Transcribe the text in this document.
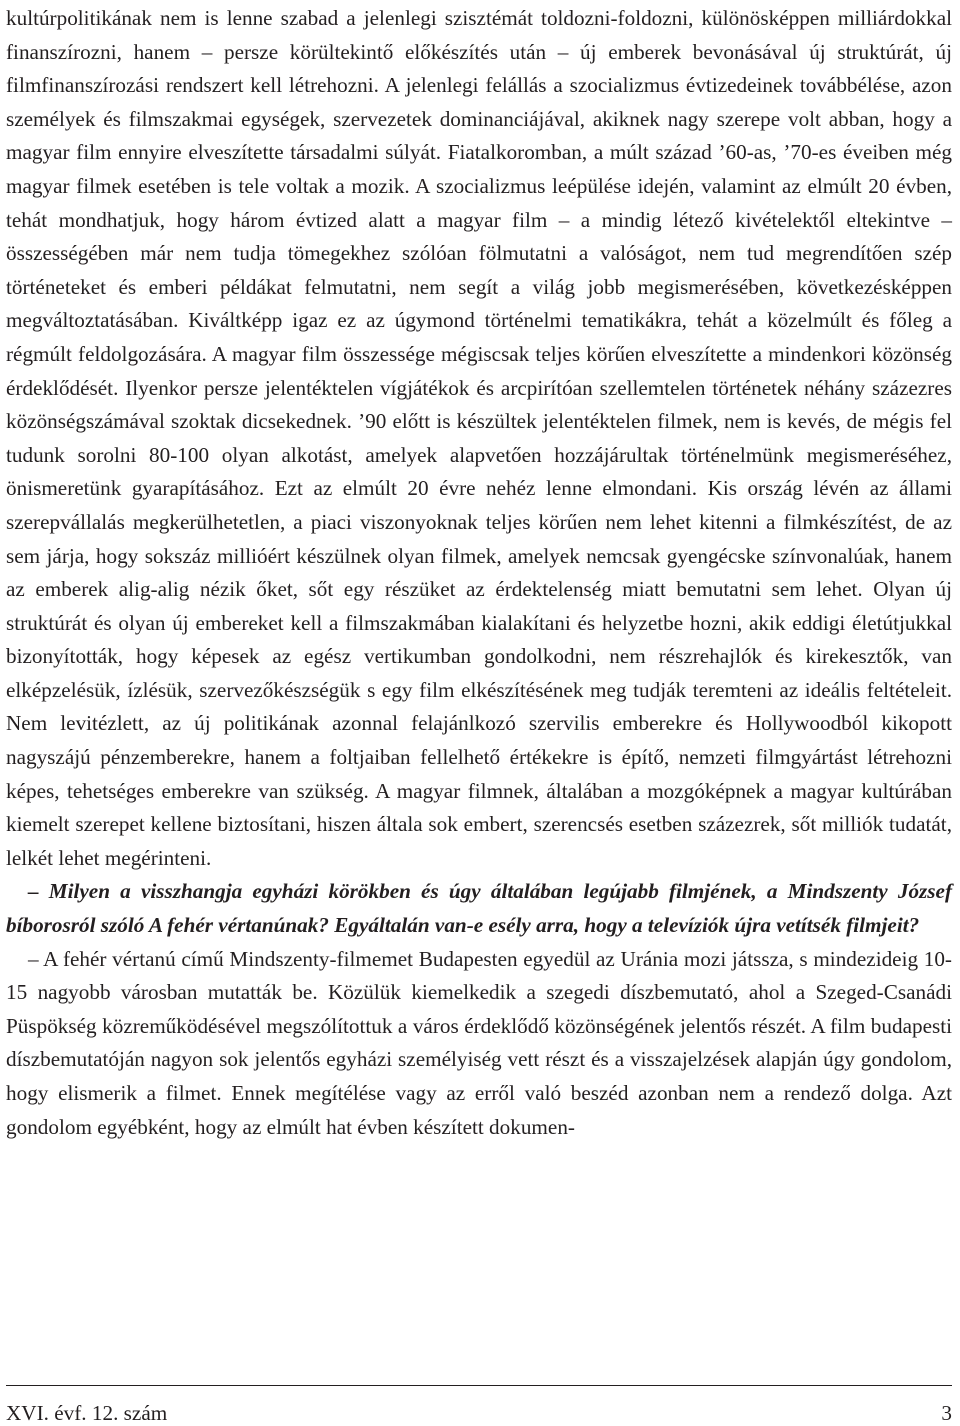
kultúrpolitikának nem is lenne szabad a jelenlegi szisztémát toldozni-foldozni, különösképpen milliárdokkal finanszírozni, hanem – persze körültekintő előkészítés után – új emberek bevonásával új struktúrát, új filmfinanszírozási rendszert kell létrehozni. A jelenlegi felállás a szocializmus évtizedeinek továbbélése, azon személyek és filmszakmai egységek, szervezetek dominanciájával, akiknek nagy szerepe volt abban, hogy a magyar film ennyire elveszítette társadalmi súlyát. Fiatalkoromban, a múlt század ’60-as, ’70-es éveiben még magyar filmek esetében is tele voltak a mozik. A szocializmus leépülése idején, valamint az elmúlt 20 évben, tehát mondhatjuk, hogy három évtized alatt a magyar film – a mindig létező kivételektől eltekintve – összességében már nem tudja tömegekhez szólóan fölmutatni a valóságot, nem tud megrendítően szép történeteket és emberi példákat felmutatni, nem segít a világ jobb megismerésében, következésképpen megváltoztatásában. Kiváltképp igaz ez az úgymond történelmi tematikákra, tehát a közelmúlt és főleg a régmúlt feldolgozására. A magyar film összessége mégiscsak teljes körűen elveszítette a mindenkori közönség érdeklődését. Ilyenkor persze jelentéktelen vígjátékok és arcpirítóan szellemtelen történetek néhány százezres közönségszámával szoktak dicsekednek. ’90 előtt is készültek jelentéktelen filmek, nem is kevés, de mégis fel tudunk sorolni 80-100 olyan alkotást, amelyek alapvetően hozzájárultak történelmünk megismeréséhez, önismeretünk gyarapításához. Ezt az elmúlt 20 évre nehéz lenne elmondani. Kis ország lévén az állami szerepvállalás megkerülhetetlen, a piaci viszonyoknak teljes körűen nem lehet kitenni a filmkészítést, de az sem járja, hogy sokszáz millióért készülnek olyan filmek, amelyek nemcsak gyengécske színvonalúak, hanem az emberek alig-alig nézik őket, sőt egy részüket az érdektelenség miatt bemutatni sem lehet. Olyan új struktúrát és olyan új embereket kell a filmszakmában kialakítani és helyzetbe hozni, akik eddigi életútjukkal bizonyították, hogy képesek az egész vertikumban gondolkodni, nem részrehajlók és kirekesztők, van elképzelésük, ízlésük, szervezőkészségük s egy film elkészítésének meg tudják teremteni az ideális feltételeit. Nem levitézlett, az új politikának azonnal felajánlkozó szervilis emberekre és Hollywoodból kikopott nagyszájú pénzemberekre, hanem a foltjaiban fellelhető értékekre is építő, nemzeti filmgyártást létrehozni képes, tehetséges emberekre van szükség. A magyar filmnek, általában a mozgóképnek a magyar kultúrában kiemelt szerepet kellene biztosítani, hiszen általa sok embert, szerencsés esetben százezrek, sőt milliók tudatát, lelkét lehet megérinteni.

– Milyen a visszhangja egyházi körökben és úgy általában legújabb filmjének, a Mindszenty József bíborosról szóló A fehér vértanúnak? Egyáltalán van-e esély arra, hogy a televíziók újra vetítsék filmjeit?

– A fehér vértanú című Mindszenty-filmemet Budapesten egyedül az Uránia mozi játssza, s mindezideig 10-15 nagyobb városban mutatták be. Közülük kiemelkedik a szegedi díszbemutató, ahol a Szeged-Csanádi Püspökség közreműködésével megszólítottuk a város érdeklődő közönségének jelentős részét. A film budapesti díszbemutatóján nagyon sok jelentős egyházi személyiség vett részt és a visszajelzések alapján úgy gondolom, hogy elismerik a filmet. Ennek megítélése vagy az erről való beszéd azonban nem a rendező dolga. Azt gondolom egyébként, hogy az elmúlt hat évben készített dokumen-

XVI. évf. 12. szám	3
